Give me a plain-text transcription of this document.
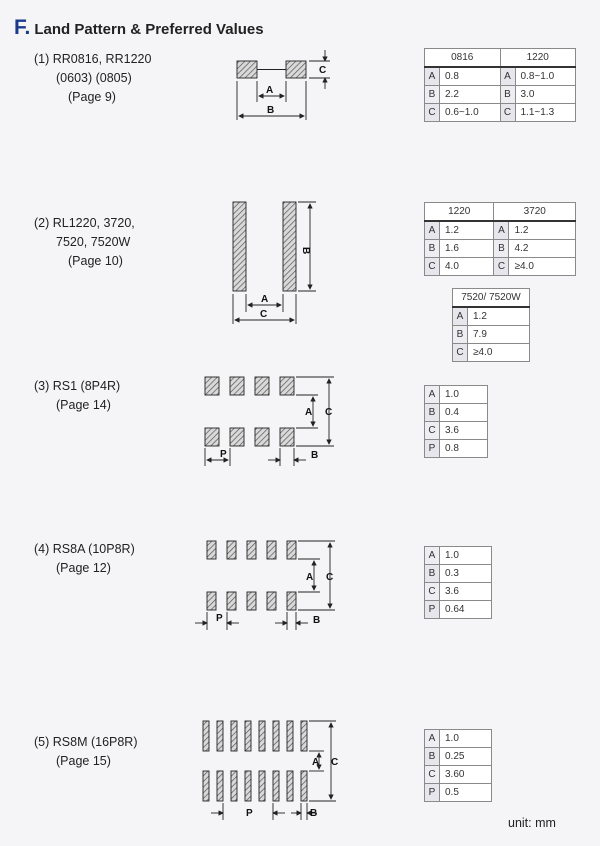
F. Land Pattern & Preferred Values
(1) RR0816, RR1220
(0603) (0805)
(Page 9)
(2) RL1220, 3720,
7520, 7520W
(Page 10)
(3) RS1 (8P4R)
(Page 14)
(4) RS8A (10P8R)
(Page 12)
(5) RS8M (16P8R)
(Page 15)
C
A
B
B
A
C
A C
P	B
A C
P	B
A C
P	B
0816		1220	
A	0.8	A	0.8~1.0
B	2.2	B	3.0
C	0.6~1.0	C	1.1~1.3
1220		3720	
A	1.2	A	1.2
B	1.6	B	4.2
C	4.0	C	≥4.0
7520/ 7520W	
A	1.2
B	7.9
C	≥4.0
A	1.0
B	0.4
C	3.6
P	0.8
A	1.0
B	0.3
C	3.6
P	0.64
A	1.0
B	0.25
C	3.60
P	0.5
unit: mm
